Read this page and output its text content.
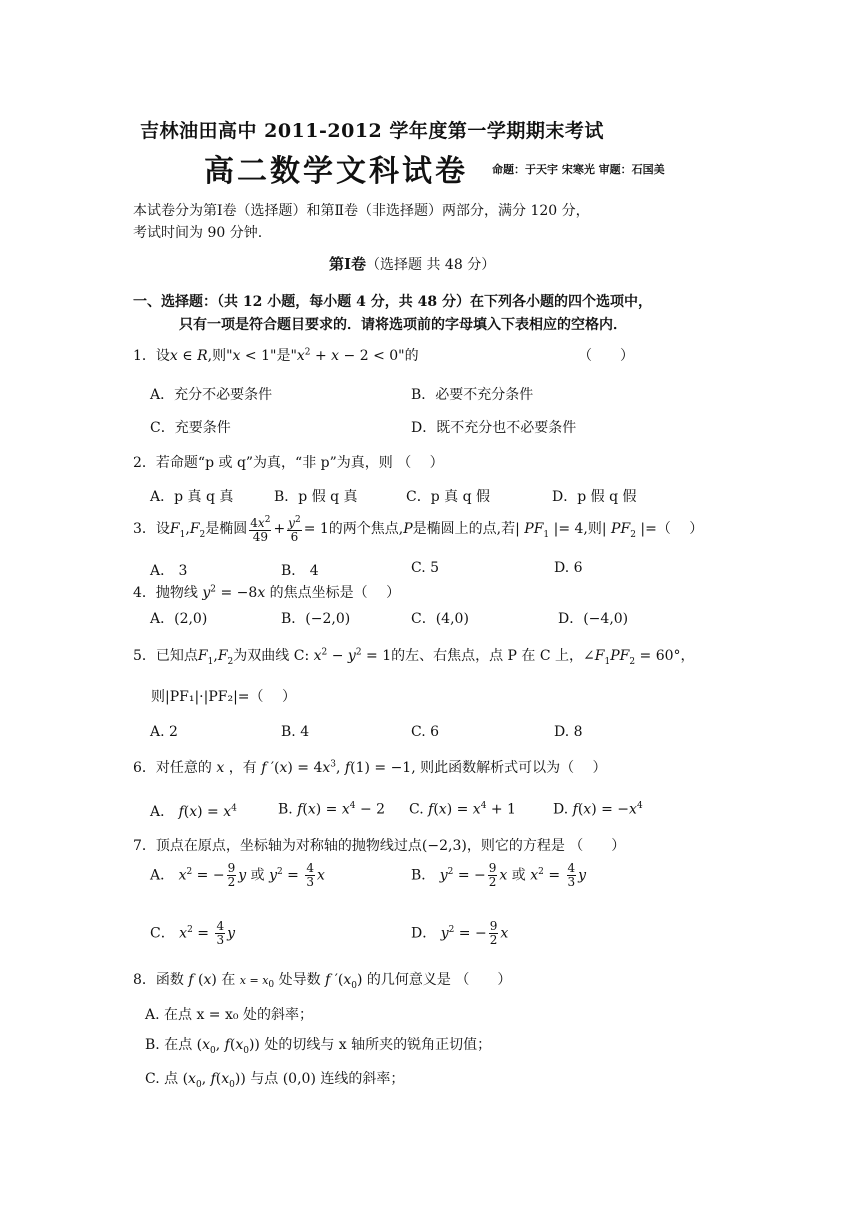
吉林油田高中 2011-2012 学年度第一学期期末考试
高二数学文科试卷 命题：于天宇 宋寒光 审题：石国美
本试卷分为第Ⅰ卷（选择题）和第Ⅱ卷（非选择题）两部分，满分 120 分，
考试时间为 90 分钟.
第Ⅰ卷（选择题 共 48 分）
一、选择题：（共 12 小题，每小题 4 分，共 48 分）在下列各小题的四个选项中，
只有一项是符合题目要求的．请将选项前的字母填入下表相应的空格内．
1．设x ∈ R,则"x < 1"是"$x^2 + x - 2 < 0$"的	（　　）
A．充分不必要条件	B．必要不充分条件
C．充要条件	D．既不充分也不必要条件
2．若命题“p 或 q”为真，“非 p”为真，则 （　 ）
A．p 真 q 真	B．p 假 q 真	C．p 真 q 假	D．p 假 q 假
3．设$F_1,F_2$是椭圆 $\frac{4x^2}{49} + \frac{y^2}{6} = 1$的两个焦点,P是椭圆上的点,若| $PF_1$ |= 4,则| $PF_2$ |=（　 ）
A． 3	B． 4	C. 5	D. 6
4．抛物线 $y^2 = -8x$ 的焦点坐标是（　 ）
A．(2,0)	B．(−2,0)	C．(4,0)	D．(−4,0)
5．已知点$F_1,F_2$为双曲线 C: $x^2 - y^2 = 1$的左、右焦点，点 P 在 C 上，$\angle F_1PF_2 = 60^\circ$，
则|PF₁|·|PF₂|=（　 ）
A. 2	B. 4	C. 6	D. 8
6．对任意的 x ，有 f $'(x) = 4x^3$, f(1) = −1, 则此函数解析式可以为（　 ）
A． $f(x) = x^4$	B. $f(x) = x^4 - 2$ C. $f(x) = x^4 + 1$	D. $f(x) = -x^4$
7．顶点在原点，坐标轴为对称轴的抛物线过点(−2,3)，则它的方程是 （　　）
A． $x^2$ = − $\frac{9}{2}$ y 或 $y^2 = \frac{4}{3}$ x	B． $y^2$ = − $\frac{9}{2}$ x 或 $x^2 = \frac{4}{3}$ y
C． $x^2 = \frac{4}{3}$ y	D． $y^2$ = − $\frac{9}{2}$ x
8．函数 f (x) 在 $x = x_0$ 处导数 f $'(x_0)$ 的几何意义是 （　　）
A. 在点 x = x₀ 处的斜率；
B. 在点 ($x_0$, $f(x_0)$) 处的切线与 x 轴所夹的锐角正切值；
C. 点 ($x_0$, $f(x_0)$) 与点 (0,0) 连线的斜率；
